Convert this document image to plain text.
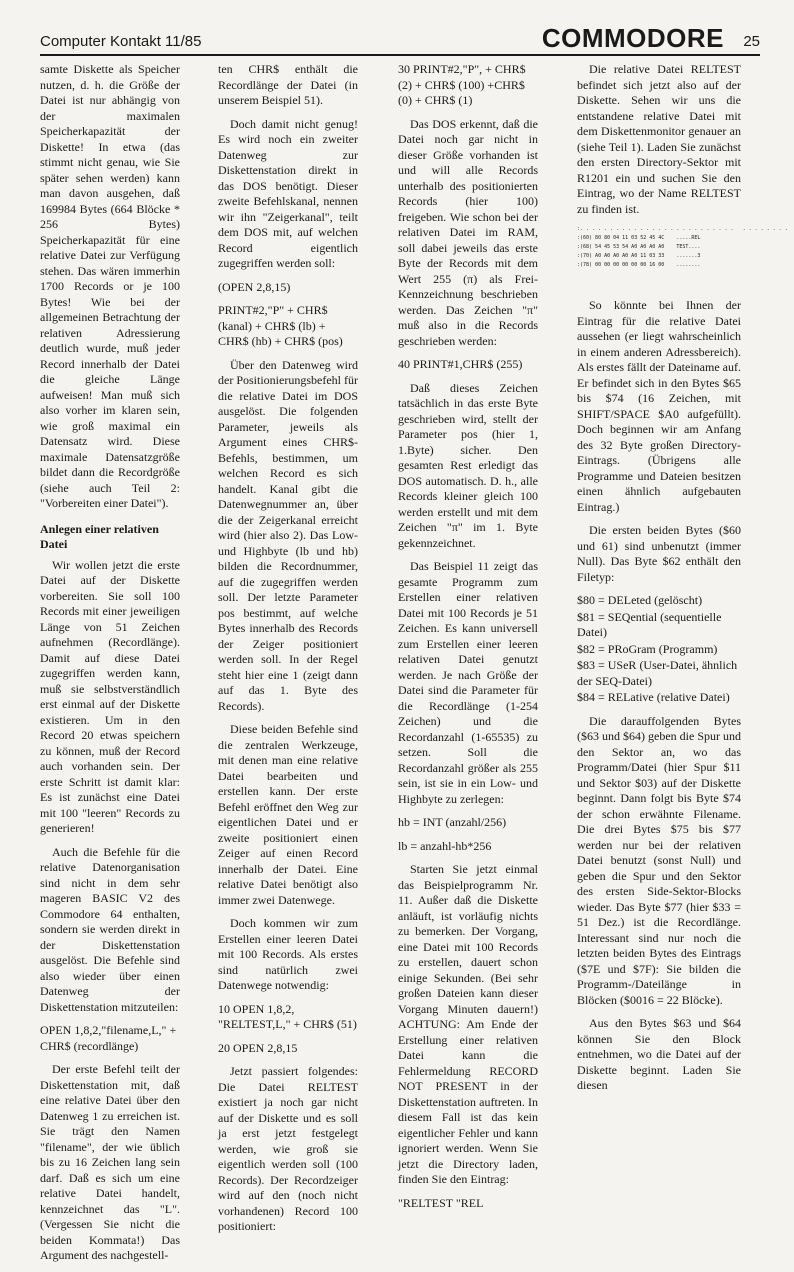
Computer Kontakt 11/85	COMMODORE 25

samte Diskette als Speicher nutzen, d. h. die Größe der Datei ist nur abhängig von der maximalen Speicherkapazität der Diskette! In etwa (das stimmt nicht genau, wie Sie später sehen werden) kann man davon ausgehen, daß 169984 Bytes (664 Blöcke * 256 Bytes) Speicherkapazität für eine relative Datei zur Verfügung stehen. Das wären immerhin 1700 Records or je 100 Bytes! Wie bei der allgemeinen Betrachtung der relativen Adressierung deutlich wurde, muß jeder Record innerhalb der Datei die gleiche Länge aufweisen! Man muß sich also vorher im klaren sein, wie groß maximal ein Datensatz wird. Diese maximale Datensatzgröße bildet dann die Recordgröße (siehe auch Teil 2: "Vorbereiten einer Datei").

Anlegen einer relativen Datei

Wir wollen jetzt die erste Datei auf der Diskette vorbereiten. Sie soll 100 Records mit einer jeweiligen Länge von 51 Zeichen aufnehmen (Recordlänge). Damit auf diese Datei zugegriffen werden kann, muß sie selbstverständlich erst einmal auf der Diskette existieren. Um in den Record 20 etwas speichern zu können, muß der Record auch vorhanden sein. Der erste Schritt ist damit klar: Es ist zunächst eine Datei mit 100 "leeren" Records zu generieren!

Auch die Befehle für die relative Datenorganisation sind nicht in dem sehr mageren BASIC V2 des Commodore 64 enthalten, sondern sie werden direkt in der Diskettenstation ausgelöst. Die Befehle sind also wieder über einen Datenweg der Diskettenstation mitzuteilen:

OPEN 1,8,2,"filename,L," + CHR$ (recordlänge)

Der erste Befehl teilt der Diskettenstation mit, daß eine relative Datei über den Datenweg 1 zu erreichen ist. Sie trägt den Namen "filename", der wie üblich bis zu 16 Zeichen lang sein darf. Daß es sich um eine relative Datei handelt, kennzeichnet das "L". (Vergessen Sie nicht die beiden Kommata!) Das Argument des nachgestell-

ten CHR$ enthält die Recordlänge der Datei (in unserem Beispiel 51).

Doch damit nicht genug! Es wird noch ein zweiter Datenweg zur Diskettenstation direkt in das DOS benötigt. Dieser zweite Befehlskanal, nennen wir ihn "Zeigerkanal", teilt dem DOS mit, auf welchen Record eigentlich zugegriffen werden soll:

(OPEN 2,8,15)

PRINT#2,"P" + CHR$ (kanal) + CHR$ (lb) + CHR$ (hb) + CHR$ (pos)

Über den Datenweg wird der Positionierungsbefehl für die relative Datei im DOS ausgelöst. Die folgenden Parameter, jeweils als Argument eines CHR$-Befehls, bestimmen, um welchen Record es sich handelt. Kanal gibt die Datenwegnummer an, über die der Zeigerkanal erreicht wird (hier also 2). Das Low- und Highbyte (lb und hb) bilden die Recordnummer, auf die zugegriffen werden soll. Der letzte Parameter pos bestimmt, auf welche Bytes innerhalb des Records der Zeiger positioniert werden soll. In der Regel steht hier eine 1 (zeigt dann auf das 1. Byte des Records).

Diese beiden Befehle sind die zentralen Werkzeuge, mit denen man eine relative Datei bearbeiten und erstellen kann. Der erste Befehl eröffnet den Weg zur eigentlichen Datei und er zweite positioniert einen Zeiger auf einen Record innerhalb der Datei. Eine relative Datei benötigt also immer zwei Datenwege.

Doch kommen wir zum Erstellen einer leeren Datei mit 100 Records. Als erstes sind natürlich zwei Datenwege notwendig:

10 OPEN 1,8,2, "RELTEST,L," + CHR$ (51)

20 OPEN 2,8,15

Jetzt passiert folgendes: Die Datei RELTEST existiert ja noch gar nicht auf der Diskette und es soll ja erst jetzt festgelegt werden, wie groß sie eigentlich werden soll (100 Records). Der Recordzeiger wird auf den (noch nicht vorhandenen) Record 100 positioniert:

30 PRINT#2,"P", + CHR$ (2) + CHR$ (100) +CHR$ (0) + CHR$ (1)

Das DOS erkennt, daß die Datei noch gar nicht in dieser Größe vorhanden ist und will alle Records unterhalb des positionierten Records (hier 100) freigeben. Wie schon bei der relativen Datei im RAM, soll dabei jeweils das erste Byte der Records mit dem Wert 255 (π) als Frei-Kennzeichnung beschrieben werden. Das Zeichen "π" muß also in die Records geschrieben werden:

40 PRINT#1,CHR$ (255)

Daß dieses Zeichen tatsächlich in das erste Byte geschrieben wird, stellt der Parameter pos (hier 1, 1.Byte) sicher. Den gesamten Rest erledigt das DOS automatisch. D. h., alle Records kleiner gleich 100 werden erstellt und mit dem Zeichen "π" im 1. Byte gekennzeichnet.

Das Beispiel 11 zeigt das gesamte Programm zum Erstellen einer relativen Datei mit 100 Records je 51 Zeichen. Es kann universell zum Erstellen einer leeren relativen Datei genutzt werden. Je nach Größe der Datei sind die Parameter für die Recordlänge (1-254 Zeichen) und die Recordanzahl (1-65535) zu setzen. Soll die Recordanzahl größer als 255 sein, ist sie in ein Low- und Highbyte zu zerlegen:

hb = INT (anzahl/256)

lb = anzahl-hb*256

Starten Sie jetzt einmal das Beispielprogramm Nr. 11. Außer daß die Diskette anläuft, ist vorläufig nichts zu bemerken. Der Vorgang, eine Datei mit 100 Records zu erstellen, dauert schon einige Sekunden. (Bei sehr großen Dateien kann dieser Vorgang Minuten dauern!) ACHTUNG: Am Ende der Erstellung einer relativen Datei kann die Fehlermeldung RECORD NOT PRESENT in der Diskettenstation auftreten. In diesem Fall ist das kein eigentlicher Fehler und kann ignoriert werden. Wenn Sie jetzt die Directory laden, finden Sie den Eintrag:

"RELTEST "REL

Die relative Datei RELTEST befindet sich jetzt also auf der Diskette. Sehen wir uns die entstandene relative Datei mit dem Diskettenmonitor genauer an (siehe Teil 1). Laden Sie zunächst den ersten Directory-Sektor mit R1201 ein und suchen Sie den Eintrag, wo der Name RELTEST zu finden ist.

:. . . . . . . . . . . . . . . . . . . . . . . . . .   . . . . . . . .
:(60) 80 80 04 11 03 52 45 4C    .....REL
:(68) 54 45 53 54 A0 A0 A0 A0    TEST....
:(70) A0 A0 A0 A0 A0 11 03 33    .......3
:(78) 00 00 00 00 00 00 16 00    ........

So könnte bei Ihnen der Eintrag für die relative Datei aussehen (er liegt wahrscheinlich in einem anderen Adressbereich). Als erstes fällt der Dateiname auf. Er befindet sich in den Bytes $65 bis $74 (16 Zeichen, mit SHIFT/SPACE $A0 aufgefüllt). Doch beginnen wir am Anfang des 32 Byte großen Directory-Eintrags. (Übrigens alle Programme und Dateien besitzen einen ähnlich aufgebauten Eintrag.)

Die ersten beiden Bytes ($60 und 61) sind unbenutzt (immer Null). Das Byte $62 enthält den Filetyp:

$80 = DELeted (gelöscht)
$81 = SEQential (sequentielle Datei)
$82 = PRoGram (Programm)
$83 = USeR (User-Datei, ähnlich der SEQ-Datei)
$84 = RELative (relative Datei)

Die darauffolgenden Bytes ($63 und $64) geben die Spur und den Sektor an, wo das Programm/Datei (hier Spur $11 und Sektor $03) auf der Diskette beginnt. Dann folgt bis Byte $74 der schon erwähnte Filename. Die drei Bytes $75 bis $77 werden nur bei der relativen Datei benutzt (sonst Null) und geben die Spur und den Sektor des ersten Side-Sektor-Blocks wieder. Das Byte $77 (hier $33 = 51 Dez.) ist die Recordlänge. Interessant sind nur noch die letzten beiden Bytes des Eintrags ($7E und $7F): Sie bilden die Programm-/Dateilänge in Blöcken ($0016 = 22 Blöcke).

Aus den Bytes $63 und $64 können Sie den Block entnehmen, wo die Datei auf der Diskette beginnt. Laden Sie diesen
